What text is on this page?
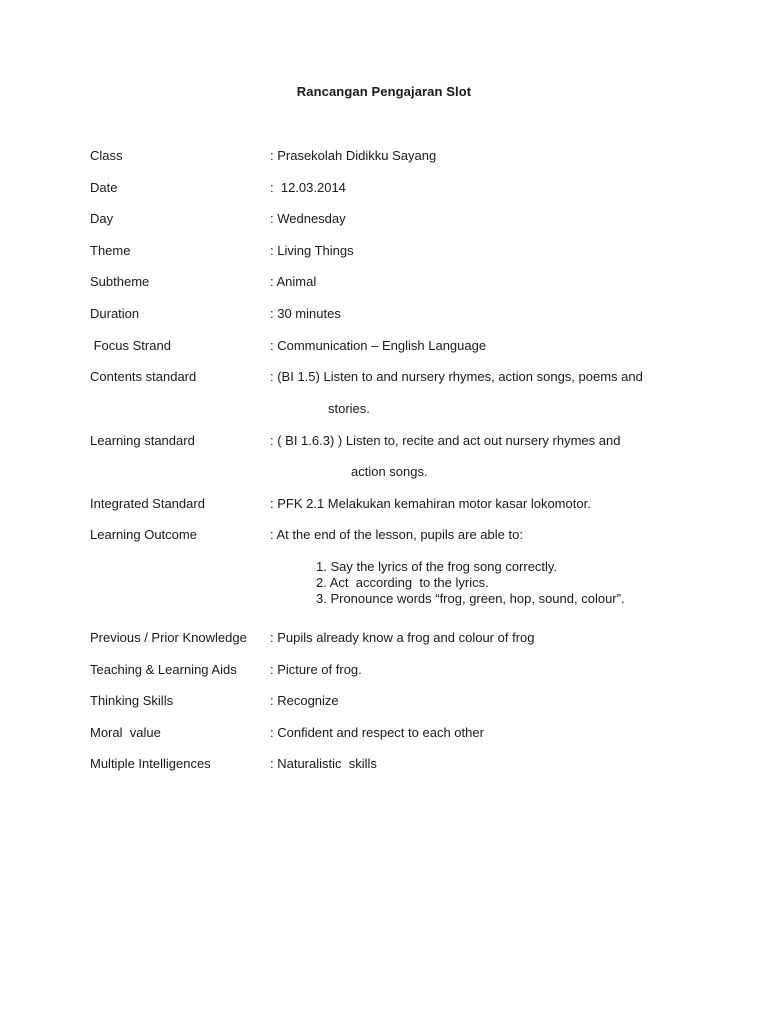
Rancangan Pengajaran Slot
Class	: Prasekolah Didikku Sayang
Date	:  12.03.2014
Day	: Wednesday
Theme	: Living Things
Subtheme	: Animal
Duration	: 30 minutes
Focus Strand	: Communication – English Language
Contents standard	: (BI 1.5) Listen to and nursery rhymes, action songs, poems and
stories.
Learning standard	: ( BI 1.6.3) ) Listen to, recite and act out nursery rhymes and
action songs.
Integrated Standard	: PFK 2.1 Melakukan kemahiran motor kasar lokomotor.
Learning Outcome	: At the end of the lesson, pupils are able to:
1. Say the lyrics of the frog song correctly.
2. Act  according  to the lyrics.
3. Pronounce words “frog, green, hop, sound, colour”.
Previous / Prior Knowledge : Pupils already know a frog and colour of frog
Teaching & Learning Aids	: Picture of frog.
Thinking Skills	: Recognize
Moral  value	: Confident and respect to each other
Multiple Intelligences	: Naturalistic  skills
